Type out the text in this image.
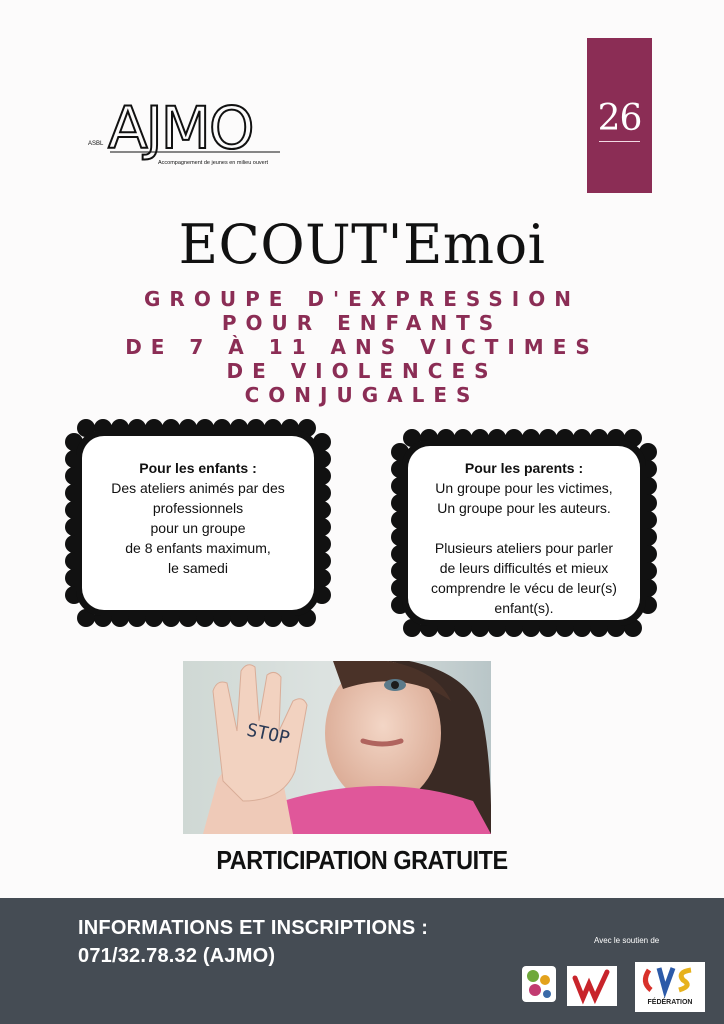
ASBL AJMO
Accompagnement de jeunes en milieu ouvert
26
ECOUT'Emoi
GROUPE D'EXPRESSION
POUR ENFANTS
DE 7 À 11 ANS VICTIMES
DE VIOLENCES
CONJUGALES
Pour les enfants :
Des ateliers animés par des
professionnels
pour un groupe
de 8 enfants maximum,
le samedi
Pour les parents :
Un groupe pour les victimes,
Un groupe pour les auteurs.
Plusieurs ateliers pour parler
de leurs difficultés et mieux
comprendre le vécu de leur(s) enfant(s).
STOP
PARTICIPATION GRATUITE
INFORMATIONS ET INSCRIPTIONS :
071/32.78.32 (AJMO)
Avec le soutien de
FÉDÉRATION
